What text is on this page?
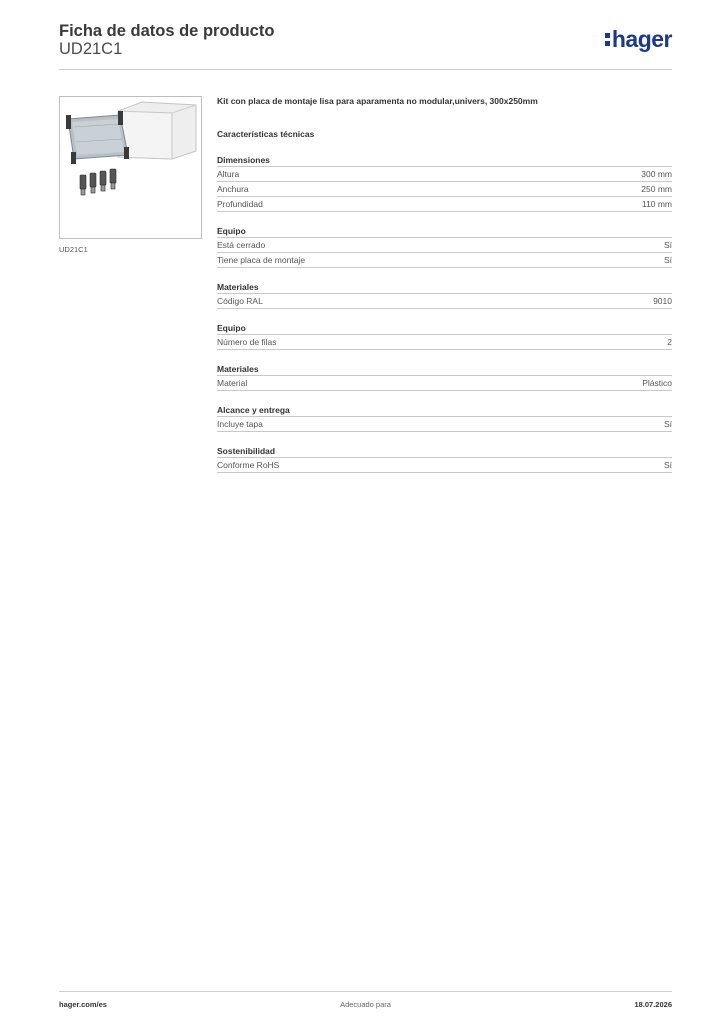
Ficha de datos de producto
UD21C1	hager
UD21C1
Kit con placa de montaje lisa para aparamenta no modular,univers, 300x250mm
Características técnicas
Dimensiones
Altura	300 mm
Anchura	250 mm
Profundidad	110 mm
Equipo
Está cerrado	Sí
Tiene placa de montaje	Sí
Materiales
Código RAL	9010
Equipo
Número de filas	2
Materiales
Material	Plástico
Alcance y entrega
Incluye tapa	Sí
Sostenibilidad
Conforme RoHS	Sí
hager.com/es	Adecuado para	18.07.2026
